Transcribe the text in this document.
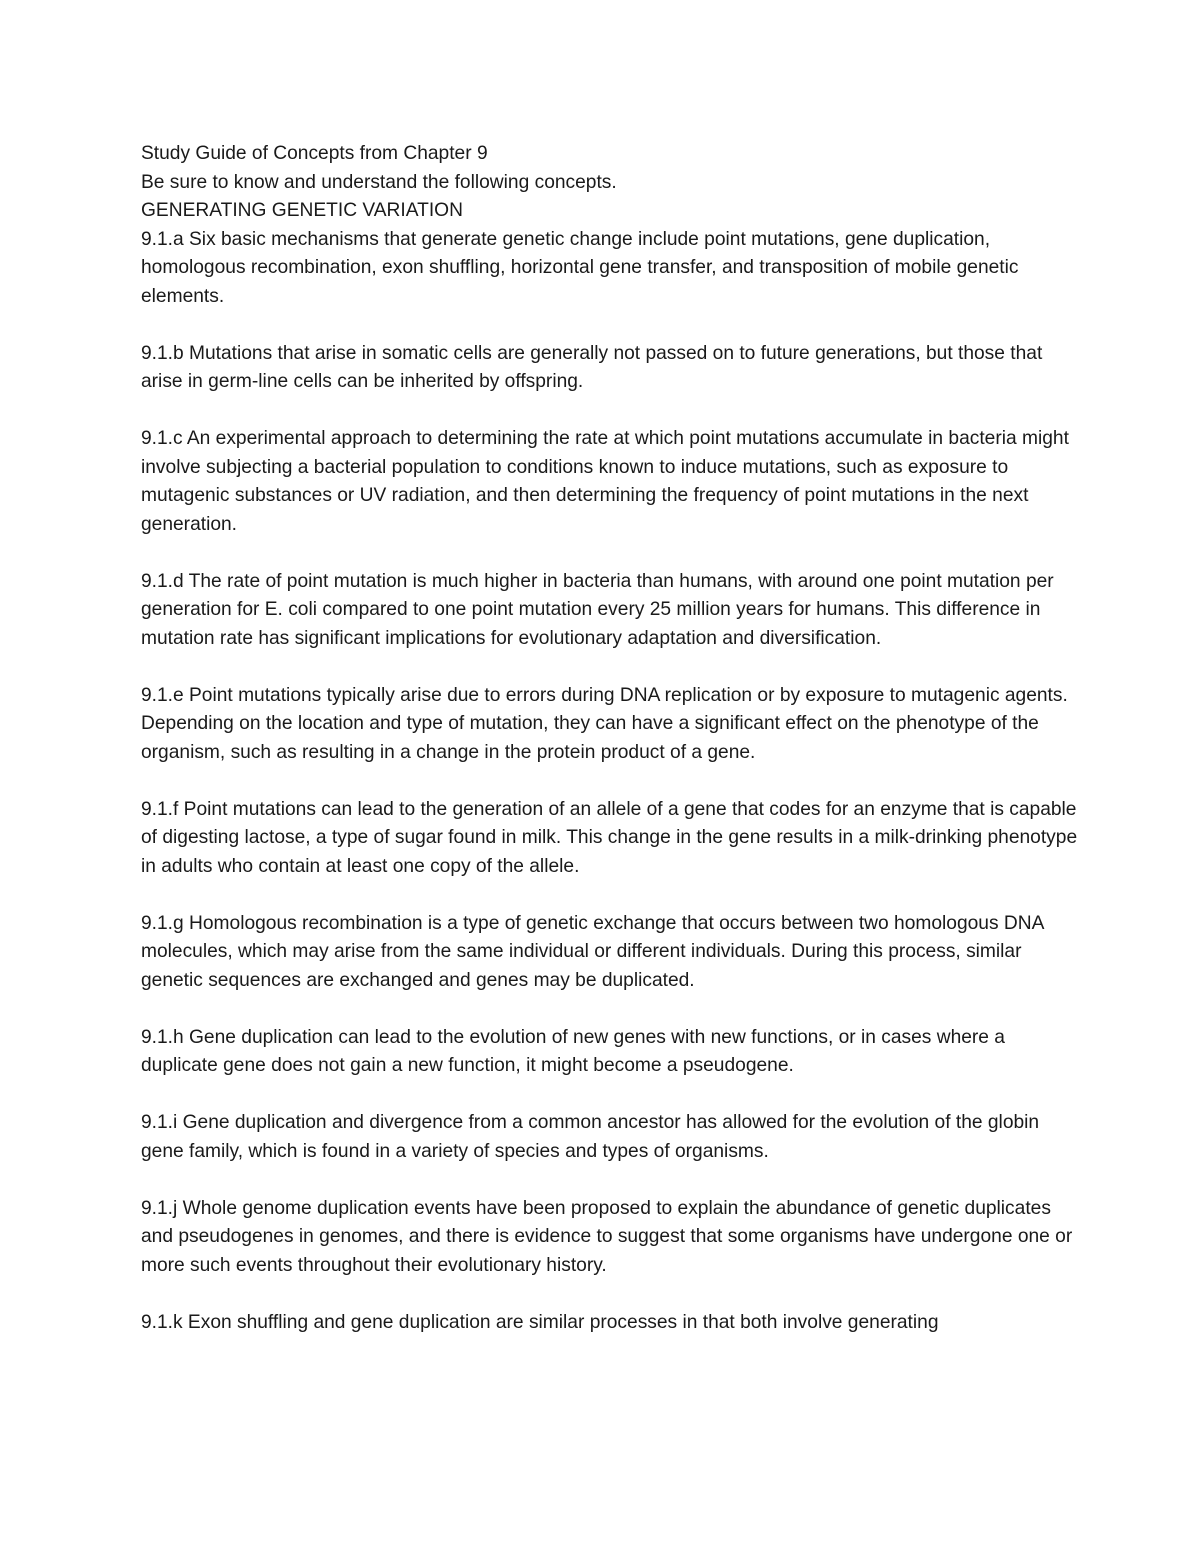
Study Guide of Concepts from Chapter 9

Be sure to know and understand the following concepts.

GENERATING GENETIC VARIATION

9.1.a Six basic mechanisms that generate genetic change include point mutations, gene duplication, homologous recombination, exon shuffling, horizontal gene transfer, and transposition of mobile genetic elements.

9.1.b Mutations that arise in somatic cells are generally not passed on to future generations, but those that arise in germ-line cells can be inherited by offspring.

9.1.c An experimental approach to determining the rate at which point mutations accumulate in bacteria might involve subjecting a bacterial population to conditions known to induce mutations, such as exposure to mutagenic substances or UV radiation, and then determining the frequency of point mutations in the next generation.

9.1.d The rate of point mutation is much higher in bacteria than humans, with around one point mutation per generation for E. coli compared to one point mutation every 25 million years for humans. This difference in mutation rate has significant implications for evolutionary adaptation and diversification.

9.1.e Point mutations typically arise due to errors during DNA replication or by exposure to mutagenic agents. Depending on the location and type of mutation, they can have a significant effect on the phenotype of the organism, such as resulting in a change in the protein product of a gene.

9.1.f Point mutations can lead to the generation of an allele of a gene that codes for an enzyme that is capable of digesting lactose, a type of sugar found in milk. This change in the gene results in a milk-drinking phenotype in adults who contain at least one copy of the allele.

9.1.g Homologous recombination is a type of genetic exchange that occurs between two homologous DNA molecules, which may arise from the same individual or different individuals. During this process, similar genetic sequences are exchanged and genes may be duplicated.

9.1.h Gene duplication can lead to the evolution of new genes with new functions, or in cases where a duplicate gene does not gain a new function, it might become a pseudogene.

9.1.i Gene duplication and divergence from a common ancestor has allowed for the evolution of the globin gene family, which is found in a variety of species and types of organisms.

9.1.j Whole genome duplication events have been proposed to explain the abundance of genetic duplicates and pseudogenes in genomes, and there is evidence to suggest that some organisms have undergone one or more such events throughout their evolutionary history.

9.1.k Exon shuffling and gene duplication are similar processes in that both involve generating
